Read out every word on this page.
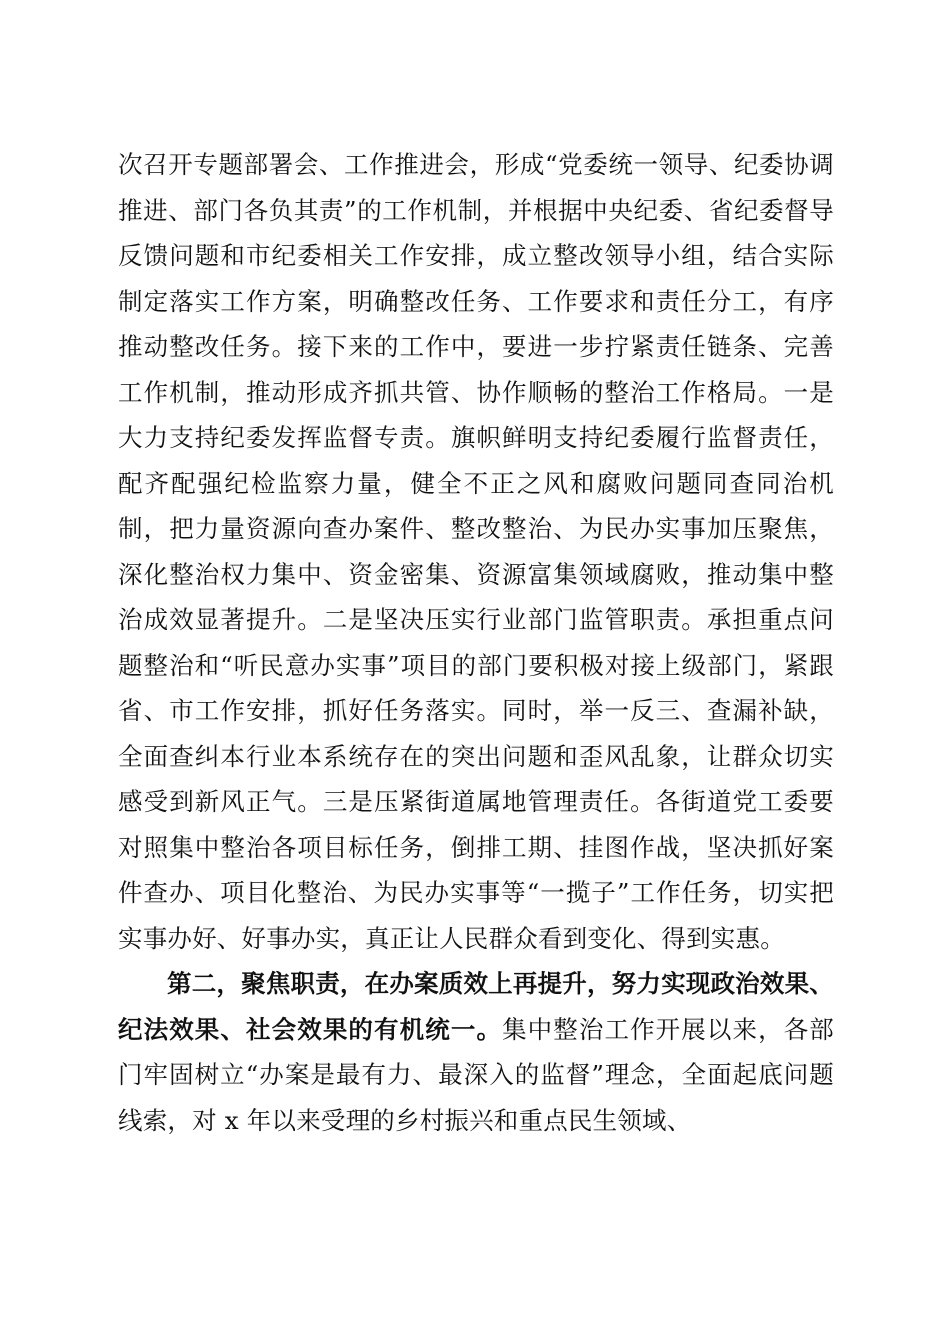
次召开专题部署会、工作推进会，形成“党委统一领导、纪委协调推进、部门各负其责”的工作机制，并根据中央纪委、省纪委督导反馈问题和市纪委相关工作安排，成立整改领导小组，结合实际制定落实工作方案，明确整改任务、工作要求和责任分工，有序推动整改任务。接下来的工作中，要进一步拧紧责任链条、完善工作机制，推动形成齐抓共管、协作顺畅的整治工作格局。一是大力支持纪委发挥监督专责。旗帜鲜明支持纪委履行监督责任，配齐配强纪检监察力量，健全不正之风和腐败问题同查同治机制，把力量资源向查办案件、整改整治、为民办实事加压聚焦，深化整治权力集中、资金密集、资源富集领域腐败，推动集中整治成效显著提升。二是坚决压实行业部门监管职责。承担重点问题整治和“听民意办实事”项目的部门要积极对接上级部门，紧跟省、市工作安排，抓好任务落实。同时，举一反三、查漏补缺，全面查纠本行业本系统存在的突出问题和歪风乱象，让群众切实感受到新风正气。三是压紧街道属地管理责任。各街道党工委要对照集中整治各项目标任务，倒排工期、挂图作战，坚决抓好案件查办、项目化整治、为民办实事等“一揽子”工作任务，切实把实事办好、好事办实，真正让人民群众看到变化、得到实惠。

第二，聚焦职责，在办案质效上再提升，努力实现政治效果、纪法效果、社会效果的有机统一。集中整治工作开展以来，各部门牢固树立“办案是最有力、最深入的监督”理念，全面起底问题线索，对 x 年以来受理的乡村振兴和重点民生领域、
